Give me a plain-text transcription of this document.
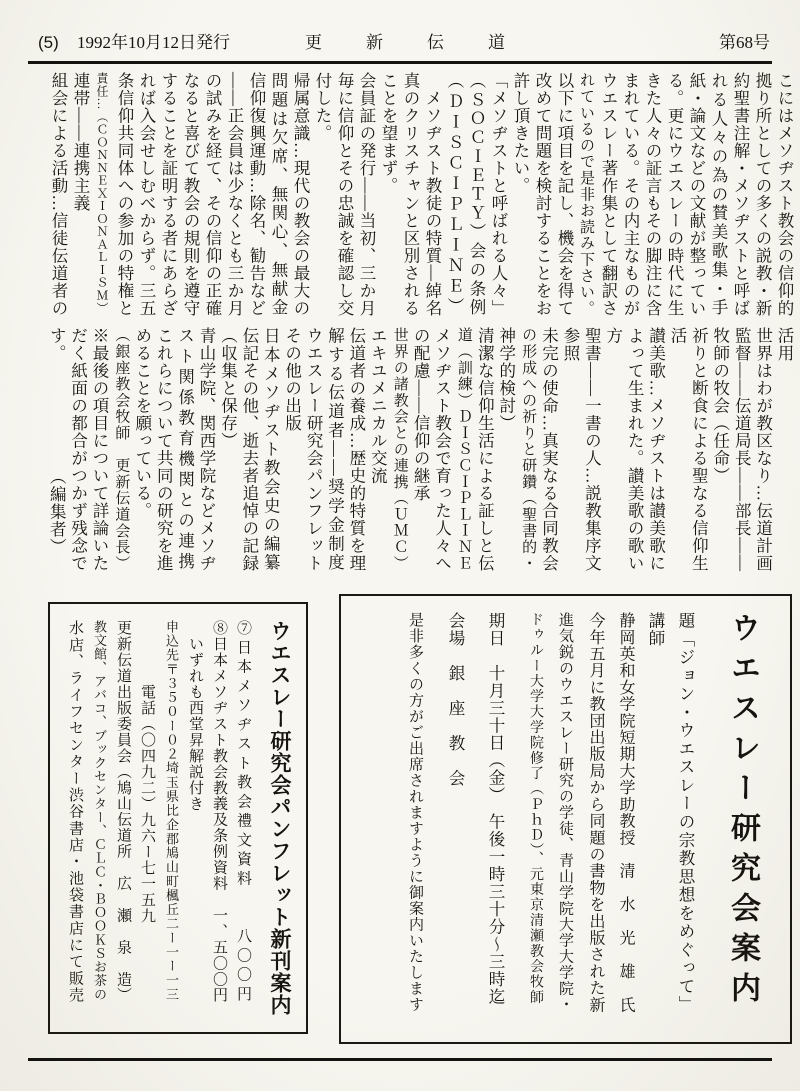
(5) 1992年10月12日発行	更新伝道	第68号
こにはメソヂスト教会の信仰的
拠り所としての多くの説教・新
約聖書注解・メソヂストと呼ば
れる人々の為の賛美歌集・手
紙・論文などの文献が整ってい
る。更にウエスレーの時代に生
きた人々の証言もその脚注に含
まれている。その内主なものが
ウエスレー著作集として翻訳さ
れているので是非お読み下さい。
以下に項目を記し、機会を得て
改めて問題を検討することをお
許し頂きたい。
「メソヂストと呼ばれる人々」
（ＳＯＣＩＥＴＹ）会の条例
（ＤＩＳＣＩＰＬＩＮＥ）
　メソヂスト教徒の特質―綽名
真のクリスチャンと区別される
ことを望まず。
会員証の発行――当初、三か月
毎に信仰とその忠誠を確認し交
付した。
帰属意識…現代の教会の最大の
問題は欠席、無関心、無献金
信仰復興運動…除名、勧告など
――正会員は少なくとも三か月
の試みを経て、その信仰の正確
なると喜びて教会の規則を遵守
することを証明する者にあらざ
れば入会せしむべからず。三五
条信仰共同体への参加の特権と
責任…（ＣＯＮＮＥＸＩＯＮＡＬＩＳＭ）
連帯――連携主義
組会による活動…信徒伝道者の
活用
世界はわが教区なり…伝道計画
監督――伝道局長――部長――
牧師の牧会（任命）
祈りと断食による聖なる信仰生
活
讃美歌…メソヂストは讃美歌に
よって生まれた。讃美歌の歌い
方
聖書――一書の人…説教集序文
参照
未完の使命…真実なる合同教会
の形成への祈りと研鑽（聖書的・
神学的検討）
清潔な信仰生活による証しと伝
道（訓練）ＤＩＳＣＩＰＬＩＮＥ
メソヂスト教会で育った人々へ
の配慮――信仰の継承
世界の諸教会との連携（ＵＭＣ）
エキユメニカル交流
伝道者の養成…歴史的特質を理
解する伝道者――奨学金制度
ウエスレー研究会パンフレット
その他の出版
日本メソヂスト教会史の編纂
伝記その他、逝去者追悼の記録
（収集と保存）
青山学院、関西学院などメソヂ
スト関係教育機関との連携
これらについて共同の研究を進
めることを願っている。
（銀座教会牧師　更新伝道会長）
※最後の項目について詳論いた
だく紙面の都合がつかず残念で
す。　　　　　　　（編集者）
ウエスレー研究会案内
題「ジョン・ウエスレーの宗教思想をめぐって」
講師
静岡英和女学院短期大学助教授　清　水　光　雄　氏
今年五月に教団出版局から同題の書物を出版された新
進気鋭のウエスレー研究の学徒、青山学院大学大学院・
ドゥルー大学大学院修了（ＰｈＤ）、元東京清瀬教会牧師
期日　十月三十日（金）　午後一時三十分〜三時迄
会場　銀　座　教　会
是非多くの方がご出席されますように御案内いたします
ウエスレー研究会パンフレット新刊案内
⑦日本メソヂスト教会禮文資料　　八〇〇円
⑧日本メソヂスト教会教義及条例資料　一、五〇〇円
　いずれも西堂昇解説付き
申込先〒３５０ー０２埼玉県比企郡鳩山町楓丘二ー一ー一三
　　　　電話（〇四九二）九六ー七一五九
更新伝道出版委員会（鳩山伝道所　広　瀬　泉　造）
教文館、アバコ、ブックセンター、ＣＬＣ・ＢＯＯＫＳお茶の
水店、ライフセンター渋谷書店・池袋書店にて販売
